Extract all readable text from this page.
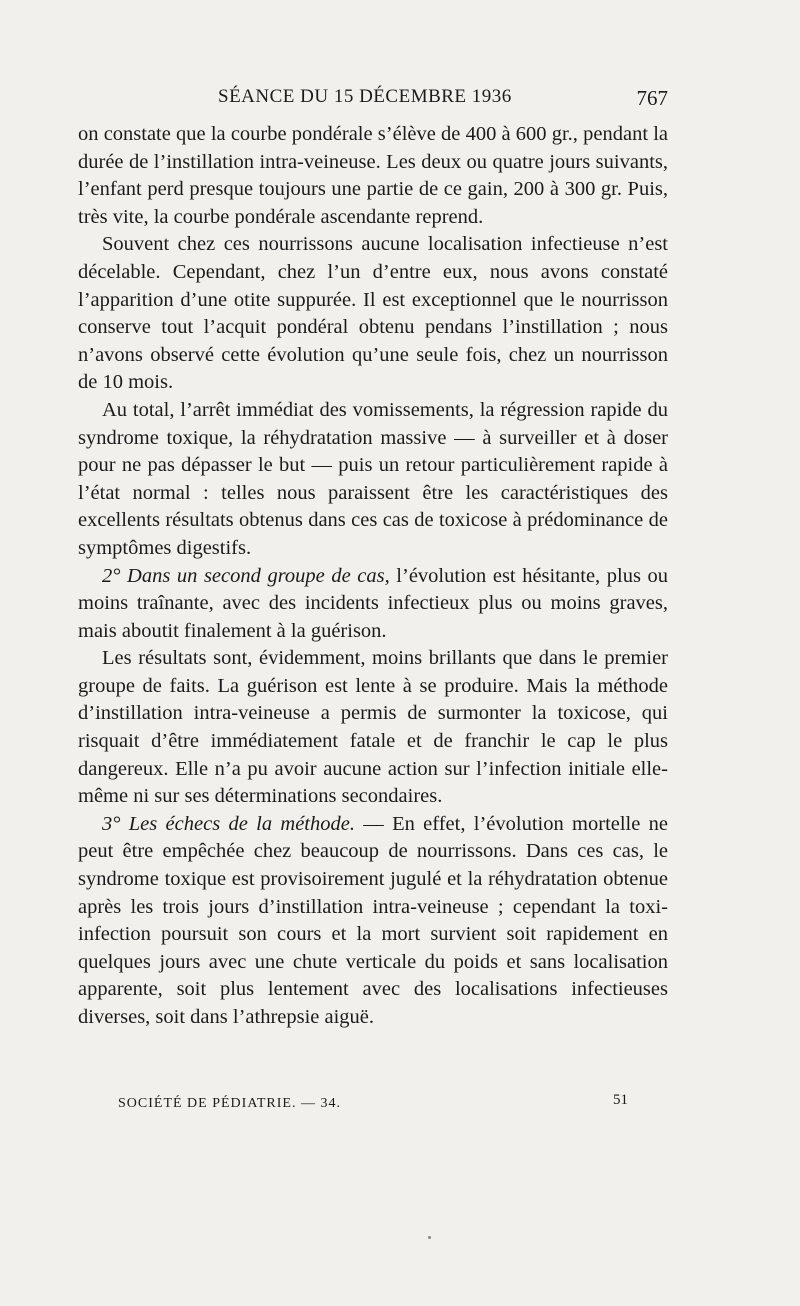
SÉANCE DU 15 DÉCEMBRE 1936	767

on constate que la courbe pondérale s’élève de 400 à 600 gr., pendant la durée de l’instillation intra-veineuse. Les deux ou quatre jours suivants, l’enfant perd presque toujours une partie de ce gain, 200 à 300 gr. Puis, très vite, la courbe pondérale ascendante reprend.

Souvent chez ces nourrissons aucune localisation infectieuse n’est décelable. Cependant, chez l’un d’entre eux, nous avons constaté l’apparition d’une otite suppurée. Il est exceptionnel que le nourrisson conserve tout l’acquit pondéral obtenu pendans l’instillation ; nous n’avons observé cette évolution qu’une seule fois, chez un nourrisson de 10 mois.

Au total, l’arrêt immédiat des vomissements, la régression rapide du syndrome toxique, la réhydratation massive — à surveiller et à doser pour ne pas dépasser le but — puis un retour particulièrement rapide à l’état normal : telles nous paraissent être les caractéristiques des excellents résultats obtenus dans ces cas de toxicose à prédominance de symptômes digestifs.

2° Dans un second groupe de cas, l’évolution est hésitante, plus ou moins traînante, avec des incidents infectieux plus ou moins graves, mais aboutit finalement à la guérison.

Les résultats sont, évidemment, moins brillants que dans le premier groupe de faits. La guérison est lente à se produire. Mais la méthode d’instillation intra-veineuse a permis de surmonter la toxicose, qui risquait d’être immédiatement fatale et de franchir le cap le plus dangereux. Elle n’a pu avoir aucune action sur l’infection initiale elle-même ni sur ses déterminations secondaires.

3° Les échecs de la méthode. — En effet, l’évolution mortelle ne peut être empêchée chez beaucoup de nourrissons. Dans ces cas, le syndrome toxique est provisoirement jugulé et la réhydratation obtenue après les trois jours d’instillation intra-veineuse ; cependant la toxi-infection poursuit son cours et la mort survient soit rapidement en quelques jours avec une chute verticale du poids et sans localisation apparente, soit plus lentement avec des localisations infectieuses diverses, soit dans l’athrepsie aiguë.

SOCIÉTÉ DE PÉDIATRIE. — 34.	51
